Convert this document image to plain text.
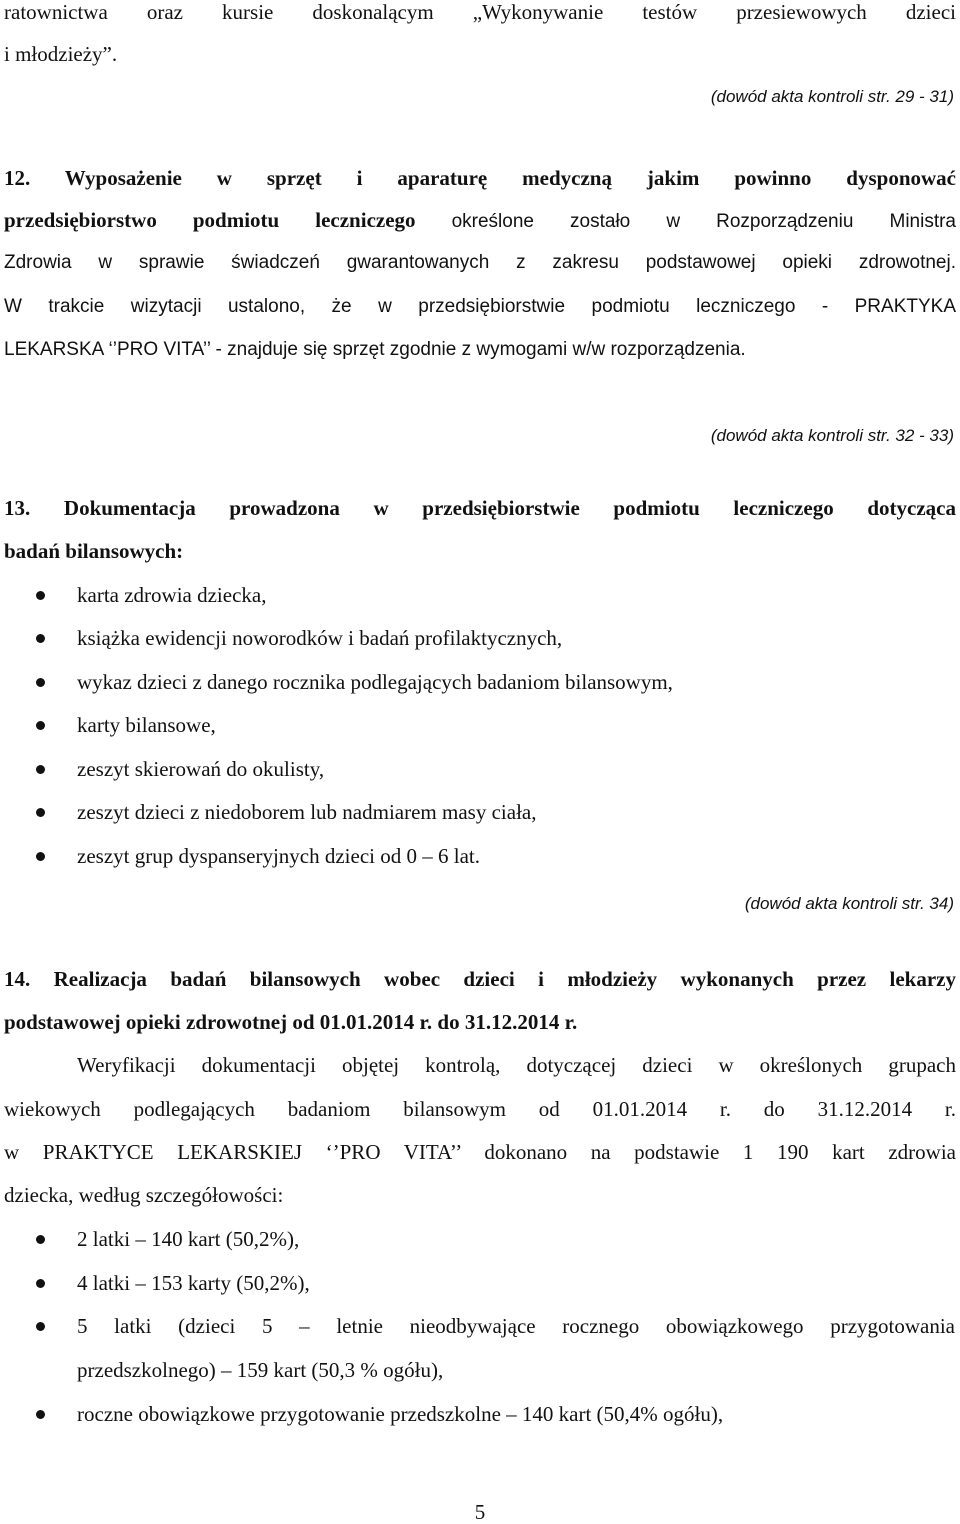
ratownictwa oraz kursie doskonalącym „Wykonywanie testów przesiewowych dzieci
i młodzieży”.
(dowód akta kontroli str. 29 - 31)
12. Wyposażenie w sprzęt i aparaturę medyczną jakim powinno dysponować
przedsiębiorstwo podmiotu leczniczego określone zostało w Rozporządzeniu Ministra
Zdrowia w sprawie świadczeń gwarantowanych z zakresu podstawowej opieki zdrowotnej.
W trakcie wizytacji ustalono, że w przedsiębiorstwie podmiotu leczniczego - PRAKTYKA
LEKARSKA ‘’PRO VITA’’ - znajduje się sprzęt zgodnie z wymogami w/w rozporządzenia.
(dowód akta kontroli str. 32 - 33)
13. Dokumentacja prowadzona w przedsiębiorstwie podmiotu leczniczego dotycząca
badań bilansowych:
karta zdrowia dziecka,
książka ewidencji noworodków i badań profilaktycznych,
wykaz dzieci z danego rocznika podlegających badaniom bilansowym,
karty bilansowe,
zeszyt skierowań do okulisty,
zeszyt dzieci z niedoborem lub nadmiarem masy ciała,
zeszyt grup dyspanseryjnych dzieci od 0 – 6 lat.
(dowód akta kontroli str. 34)
14. Realizacja badań bilansowych wobec dzieci i młodzieży wykonanych przez lekarzy
podstawowej opieki zdrowotnej od 01.01.2014 r. do 31.12.2014 r.
Weryfikacji dokumentacji objętej kontrolą, dotyczącej dzieci w określonych grupach
wiekowych podlegających badaniom bilansowym od 01.01.2014 r. do 31.12.2014 r.
w PRAKTYCE LEKARSKIEJ ‘’PRO VITA’’ dokonano na podstawie 1 190 kart zdrowia
dziecka, według szczegółowości:
2 latki – 140 kart (50,2%),
4 latki – 153 karty (50,2%),
5 latki (dzieci 5 – letnie nieodbywające rocznego obowiązkowego przygotowania
przedszkolnego) – 159 kart (50,3 % ogółu),
roczne obowiązkowe przygotowanie przedszkolne – 140 kart (50,4% ogółu),
5
